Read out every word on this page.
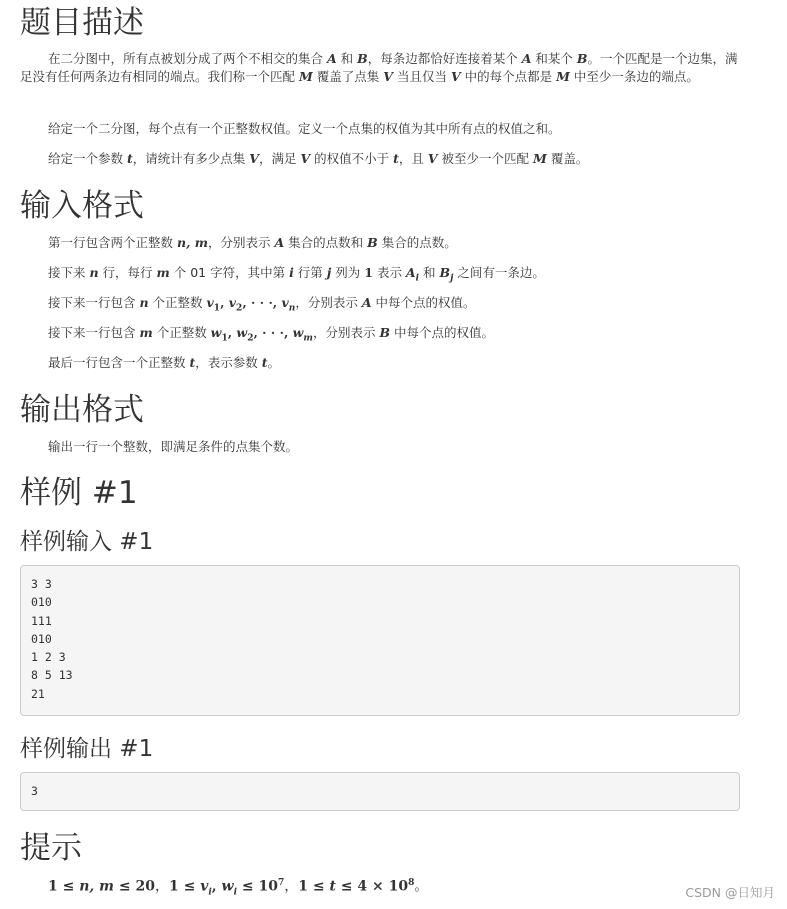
题目描述

在二分图中，所有点被划分成了两个不相交的集合 A 和 B，每条边都恰好连接着某个 A 和某个 B。一个匹配是一个边集，满足没有任何两条边有相同的端点。我们称一个匹配 M 覆盖了点集 V 当且仅当 V 中的每个点都是 M 中至少一条边的端点。

给定一个二分图，每个点有一个正整数权值。定义一个点集的权值为其中所有点的权值之和。

给定一个参数 t，请统计有多少点集 V，满足 V 的权值不小于 t，且 V 被至少一个匹配 M 覆盖。

输入格式

第一行包含两个正整数 n, m，分别表示 A 集合的点数和 B 集合的点数。

接下来 n 行，每行 m 个 01 字符，其中第 i 行第 j 列为 1 表示 $A_i$ 和 $B_j$ 之间有一条边。

接下来一行包含 n 个正整数 $v_1$, $v_2$, · · ·, $v_n$，分别表示 A 中每个点的权值。

接下来一行包含 m 个正整数 $w_1$, $w_2$, · · ·, $w_m$，分别表示 B 中每个点的权值。

最后一行包含一个正整数 t，表示参数 t。

输出格式

输出一行一个整数，即满足条件的点集个数。

样例 #1
样例输入 #1
3 3
010
111
010
1 2 3
8 5 13
21
样例输出 #1
3
提示

1 ≤ n, m ≤ 20，$1 \le v_i$, $w_i \le 10^7$，$1 \le t \le 4 \times 10^8$。	CSDN @日知月
